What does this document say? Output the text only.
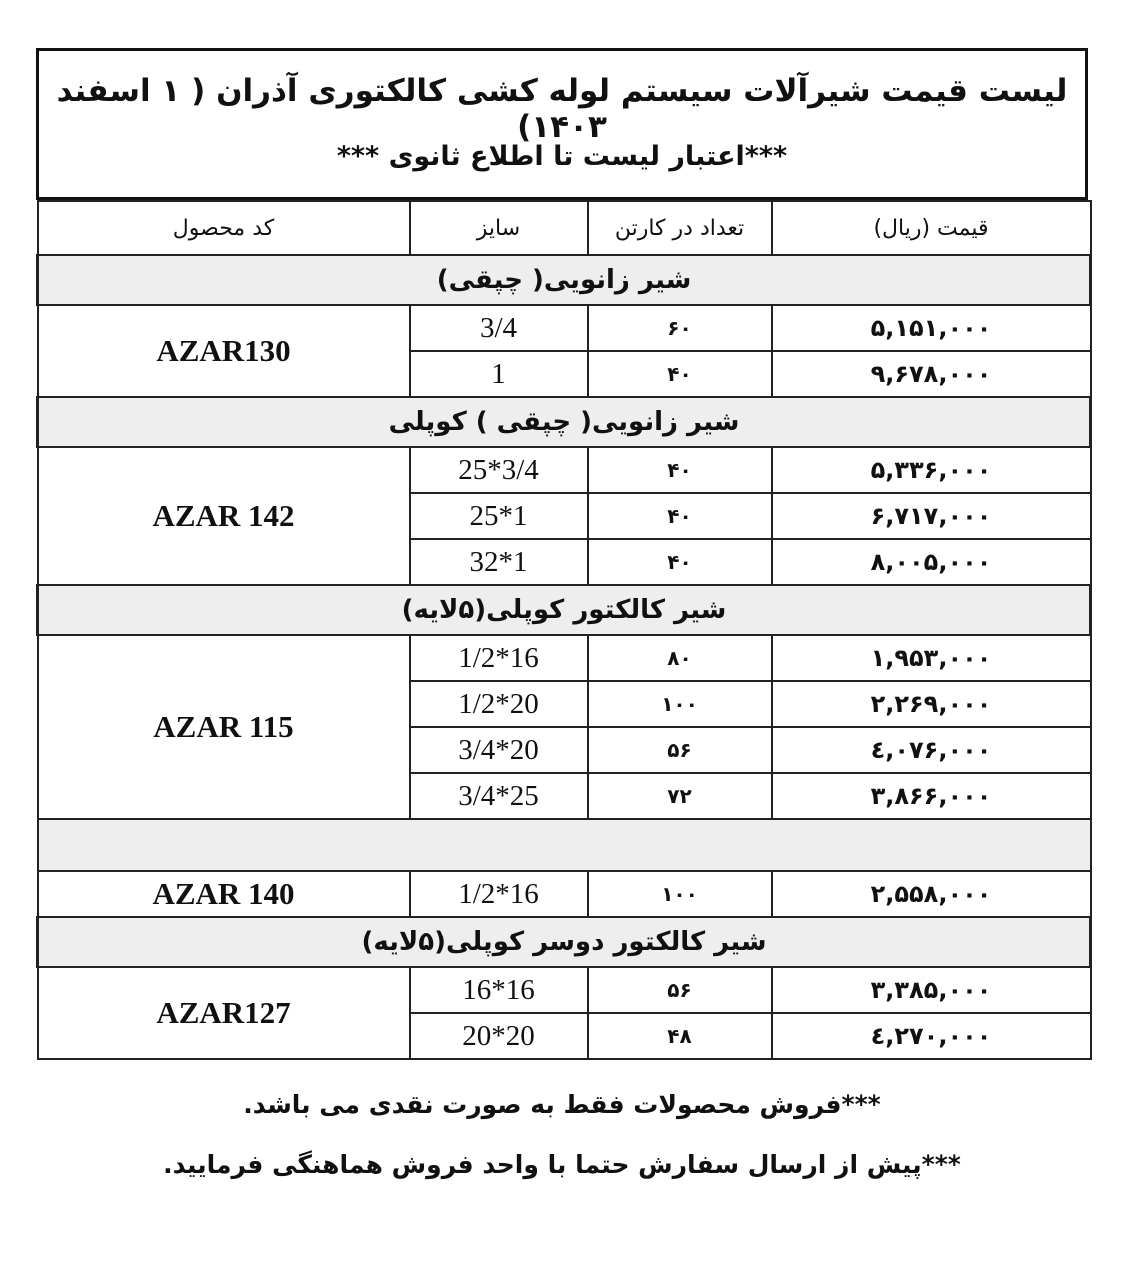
لیست قیمت شیرآلات سیستم لوله کشی کالکتوری آذران ( ۱ اسفند ۱۴۰۳)
***اعتبار لیست تا اطلاع ثانوی ***
کد محصول	سایز	تعداد در کارتن	قیمت (ریال)
شیر زانویی( چپقی)			
AZAR130	3/4	۶۰	۵,۱۵۱,۰۰۰
	1	۴۰	۹,۶۷۸,۰۰۰
شیر زانویی( چپقی ) کوپلی			
AZAR 142	25*3/4	۴۰	۵,۳۳۶,۰۰۰
	25*1	۴۰	۶,۷۱۷,۰۰۰
	32*1	۴۰	۸,۰۰۵,۰۰۰
شیر کالکتور کوپلی(۵لایه)			
AZAR 115	1/2*16	۸۰	۱,۹۵۳,۰۰۰
	1/2*20	۱۰۰	۲,۲۶۹,۰۰۰
	3/4*20	۵۶	٤,۰۷۶,۰۰۰
	3/4*25	۷۲	۳,۸۶۶,۰۰۰

AZAR 140	1/2*16	۱۰۰	۲,۵۵۸,۰۰۰
شیر کالکتور دوسر کوپلی(۵لایه)			
AZAR127	16*16	۵۶	۳,۳۸۵,۰۰۰
	20*20	۴۸	٤,۲۷۰,۰۰۰
***فروش محصولات فقط به صورت نقدی می باشد.
***پیش از ارسال سفارش حتما با واحد فروش هماهنگی فرمایید.
